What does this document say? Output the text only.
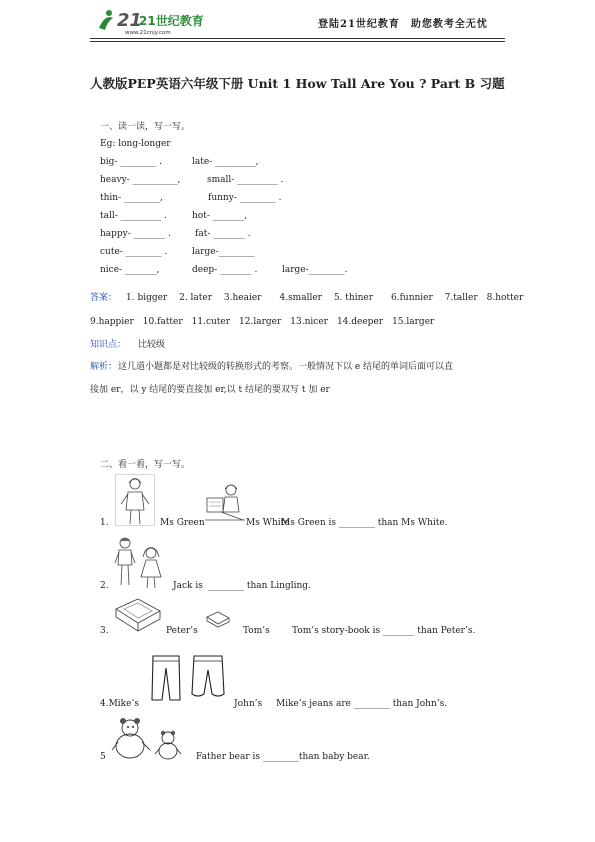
21
21世纪教育
www.21cnjy.com
登陆21世纪教育　助您教考全无忧
人教版PEP英语六年级下册 Unit 1 How Tall Are You ? Part B 习题
一、读一读，写一写。
Eg: long-longer
big- ________ .	late- _________,
heavy- __________,	small- _________ .
thin- ________,	funny- ________ .
tall- _________ .	hot- _______,
happy- _______ .	fat- _______ .
cute- ________ .	large-________
nice- _______,	deep- _______ .	large-________.
答案： 1. bigger　 2. later　 3.heaier　　4.smaller　 5. thiner　　6.funnier　 7.taller　8.hotter
9.happier　10.fatter　11.cuter　12.larger　13.nicer　14.deeper　15.larger
知识点： 比较级
解析： 这几道小题都是对比较级的转换形式的考察。一般情况下以 e 结尾的单词后面可以直
接加 er，以 y 结尾的要直接加 er,以 t 结尾的要双写 t 加 er
二、看一看，写一写。
1.	Ms Green	Ms White
Ms Green is ________ than Ms White.
2.	Jack is ________ than Lingling.
3.	Peter’s	Tom’s Tom’s story-book is _______ than Peter’s.
4.Mike’s	John’s Mike’s jeans are ________ than John’s.
5	Father bear is ________than baby bear.
